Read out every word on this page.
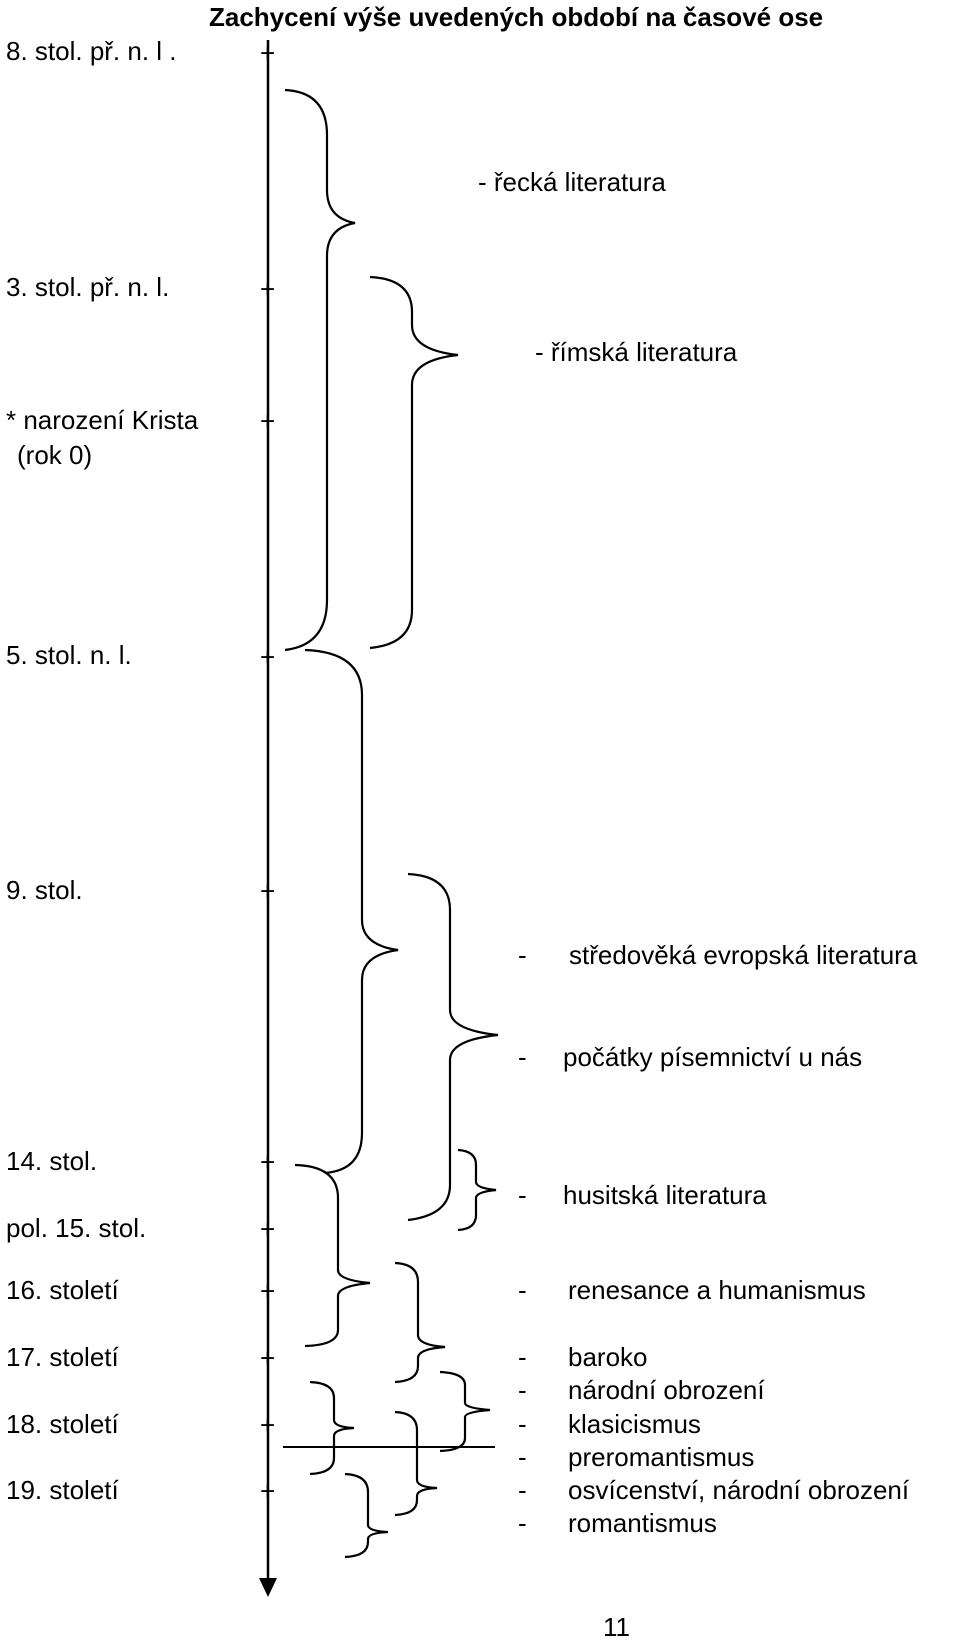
Zachycení výše uvedených období na časové ose
8. stol. př. n. l .
3. stol. př. n. l.
* narození Krista
(rok 0)
5. stol. n. l.
9. stol.
14. stol.
pol. 15. stol.
16. století
17. století
18. století
19. století
+
+
+
+
+
+
+
+
+
+
+
- řecká literatura
- římská literatura
- středověká evropská literatura
- počátky písemnictví u nás
- husitská literatura
- renesance a humanismus
- baroko
- národní obrození
- klasicismus
- preromantismus
- osvícenství, národní obrození
- romantismus
11
